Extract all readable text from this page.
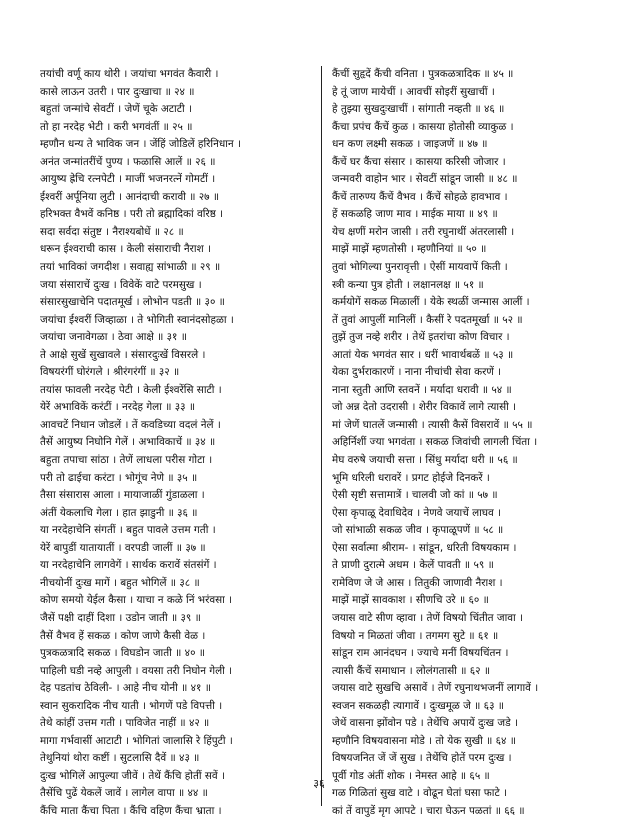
तयांची वर्णू काय थोरी । जयांचा भगवंत कैवारी ।
कासे लाऊन उतरी । पार दुःखाचा ॥ २४ ॥
बहुतां जन्मांचे सेवटीं । जेणें चूके अटाटी ।
तो हा नरदेह भेटी । करी भगवंतीं ॥ २५ ॥
म्हणौन धन्य ते भाविक जन । जेंहिं जोडिलें हरिनिधान ।
अनंत जन्मांतरींचें पुण्य । फळासि आलें ॥ २६ ॥
आयुष्य ह्रेचि रत्नपेटी । माजीं भजनरत्नें गोमटीं ।
ईश्वरीं अर्पूनिया लुटी । आनंदाची करावी ॥ २७ ॥
हरिभक्त वैभवें कनिष्ठ । परी तो ब्रह्मादिकां वरिष्ठ ।
सदा सर्वदा संतुष्ट । नैराश्यबोधें ॥ २८ ॥
धरून ईश्वराची कास । केली संसाराची नैराश ।
तयां भाविकां जगदीश । सवाह्य सांभाळी ॥ २९ ॥
जया संसाराचें दुःख । विवेकें वाटे परमसुख ।
संसारसुखाचेनि पदातमूर्ख । लोभोन पडती ॥ ३० ॥
जयांचा ईश्वरीं जिव्हाळा । ते भोगिती स्वानंदसोहळा ।
जयांचा जनावेगळा । ठेवा आक्षे ॥ ३१ ॥
ते आक्षे सुखें सुखावले । संसारदुःखें विसरले ।
विषयरंगीं घोरंगले । श्रीरंगरंगीं ॥ ३२ ॥
तयांस फावली नरदेह पेटी । केली ईश्वरेंसि साटी ।
येरें अभाविकें करंटीं । नरदेह गेला ॥ ३३ ॥
आवचटें निधान जोडलें । तें कवडिच्या वदलं नेलें ।
तैसें आयुष्य निघोनि गेलें । अभाविकाचें ॥ ३४ ॥
बहुता तपाचा सांठा । तेणें लाधला परीस गोटा ।
परी तो ढाईचा करंटा । भोगूंच नेणे ॥ ३५ ॥
तैसा संसारास आला । मायाजाळीं गुंडाळला ।
अंतीं येकलाचि गेला । हात झाडुनी ॥ ३६ ॥
या नरदेहाचेनि संगतीं । बहुत पावले उत्तम गती ।
येरें बापुडीं यातायातीं । वरपडी जालीं ॥ ३७ ॥
या नरदेहाचेनि लागवेगें । सार्थक करावें संतसंगें ।
नीचयोनीं दुःख मागें । बहुत भोगिलें ॥ ३८ ॥
कोण समयो येईल कैसा । याचा न कळे निं भरंवसा ।
जैसें पक्षी दाहीं दिशा । उडोन जाती ॥ ३९ ॥
तैसें वैभव हें सकळ । कोण जाणे कैसी वेळ ।
पुत्रकळत्रादि सकळ । विघडोन जाती ॥ ४० ॥
पाहिली घडी नव्हे आपुली । वयसा तरी निघोन गेली ।
देह पडतांच ठेविली- । आहे नीच योनी ॥ ४१ ॥
स्वान सुकरादिक नीच याती । भोगणें पडे विपत्ती ।
तेथे कांहीं उत्तम गती । पाविजेत नाहीं ॥ ४२ ॥
मागा गर्भवासीं आटाटी । भोगितां जालासि रे हिंपुटी ।
तेथुनियां थोरा कष्टीं । सुटलासि दैवें ॥ ४३ ॥
दुःख भोगिलें आपुल्या जीवें । तेथें कैंचि होतीं सवें ।
तैसेंचि पुढें येकलें जावें । लागेल वापा ॥ ४४ ॥
कैंचि माता कैंचा पिता । कैंचि वहिण कैंचा भ्राता ।
कैंचीं सुहृदें कैंची वनिता । पुत्रकळत्रादिक ॥ ४५ ॥
हे तूं जाण मायेचीं । आवचीं सोइरीं सुखाचीं ।
हे तुझ्या सुखदुःखाचीं । सांगाती नव्हती ॥ ४६ ॥
कैंचा प्रपंच कैंचें कुळ । कासया होतोसी व्याकुळ ।
धन कण लक्ष्मी सकळ । जाइजणें ॥ ४७ ॥
कैंचें घर कैंचा संसार । कासया करिसी जोजार ।
जन्मवरी वाहोन भार । सेवटीं सांडून जासी ॥ ४८ ॥
कैंचें तारुण्य कैंचें वैभव । कैंचें सोहळे हावभाव ।
हें सकळहि जाण माव । माईक माया ॥ ४९ ॥
येच क्षणीं मरोन जासी । तरी रघुनाथीं अंतरलासी ।
माझें माझें म्हणतोसी । म्हणौनियां ॥ ५० ॥
तुवां भोगिल्या पुनरावृत्ती । ऐसीं मायवापें किती ।
स्त्री कन्या पुत्र होती । लक्षानलक्ष ॥ ५१ ॥
कर्मयोगें सकळ मिळालीं । येके स्थळीं जन्मास आलीं ।
तें तुवां आपुलीं मानिलीं । कैसीं रे पदतमूर्खा ॥ ५२ ॥
तुझें तुज नव्हे शरीर । तेथें इतरांचा कोण विचार ।
आतां येक भगवंत सार । धरीं भावार्थबळें ॥ ५३ ॥
येका दुर्भराकारणें । नाना नीचांची सेवा करणें ।
नाना स्तुती आणि स्तवनें । मर्यादा धरावी ॥ ५४ ॥
जो अन्न देतो उदरासी । शेरीर विकावें लागे त्यासी ।
मां जेणें घातलें जन्मासी । त्यासी कैसें विसरावें ॥ ५५ ॥
अहिर्निशीं ज्या भगवंता । सकळ जिवांची लागली चिंता ।
मेघ वरुषे जयाची सत्ता । सिंधु मर्यादा धरी ॥ ५६ ॥
भूमि धरिली धरावरें । प्रगट होईजे दिनकरें ।
ऐसी सृष्टी सत्तामात्रें । चालवी जो कां ॥ ५७ ॥
ऐसा कृपाळू देवाधिदेव । नेणवे जयाचें लाघव ।
जो सांभाळी सकळ जीव । कृपाळूपणें ॥ ५८ ॥
ऐसा सर्वात्मा श्रीराम- । सांडून, धरिती विषयकाम ।
ते प्राणी दुरात्मे अधम । केलें पावती ॥ ५९ ॥
रामेविण जे जे आस । तितुकी जाणावी नैराश ।
माझें माझें सावकाश । सीणचि उरे ॥ ६० ॥
जयास वाटे सीण व्हावा । तेणें विषयो चिंतीत जावा ।
विषयो न मिळतां जीवा । तगमग सुटे ॥ ६१ ॥
सांडून राम आनंदघन । ज्याचे मनीं विषयचिंतन ।
त्यासी कैंचें समाधान । लोलंगतासी ॥ ६२ ॥
जयास वाटे सुखचि असावें । तेणें रघुनाथभजनीं लागावें ।
स्वजन सकळही त्यागावें । दुःखमूळ जे ॥ ६३ ॥
जेथें वासना झोंवोन पडे । तेथेंचि अपायें दुःख जडे ।
म्हणौनि विषयवासना मोडे । तो येक सुखी ॥ ६४ ॥
विषयजनित जें जें सुख । तेथेंचि होतें परम दुःख ।
पूर्वी गोड अंतीं शोक । नेमस्त आहे ॥ ६५ ॥
गळ गिळितां सुख वाटे । वोढून घेतां घसा फाटे ।
कां तें वापुडें मृग आपटे । चारा घेऊन पळतां ॥ ६६ ॥
३६
